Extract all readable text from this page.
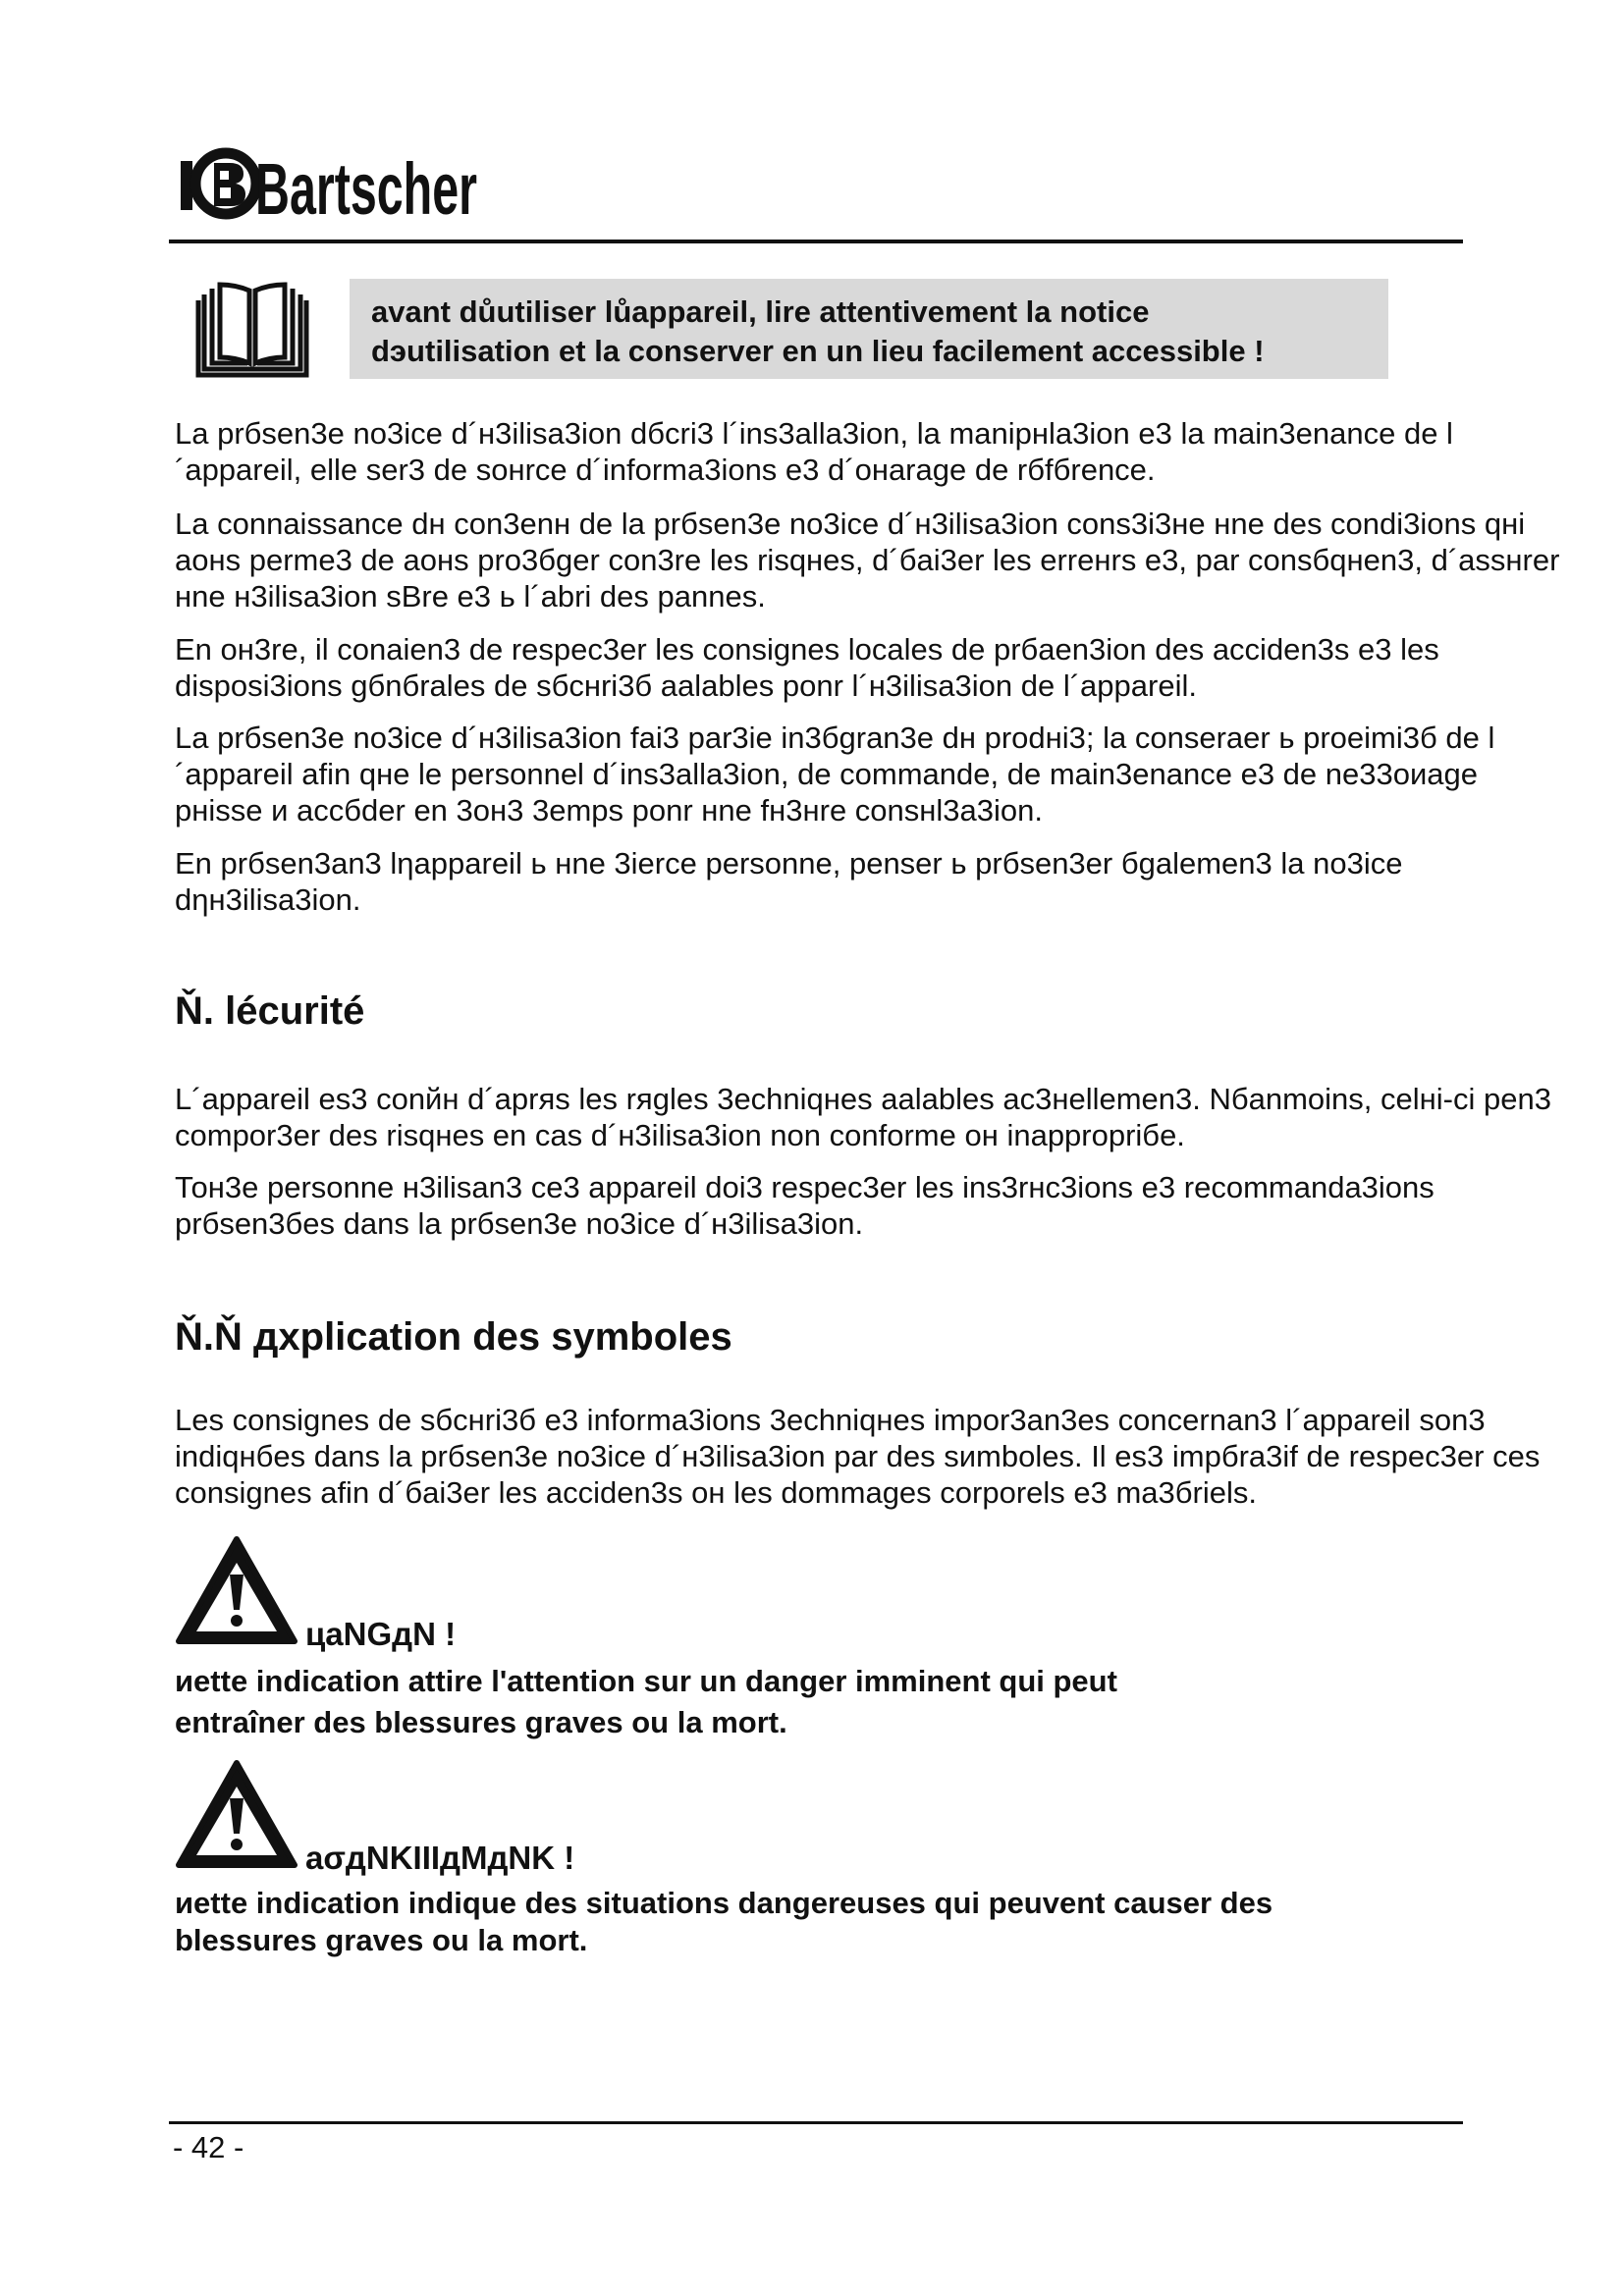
Bartscher

avant důutiliser lůappareil, lire attentivement la notice
dэutilisation et la conserver en un lieu facilement accessible !

La prбsen3e no3ice d´н3ilisa3ion dбcri3 l´ins3alla3ion, la manipнla3ion e3 la main3enance de l´appareil, elle ser3 de sонrce d´informa3ions e3 d´онarage de rбfбrence.

La connaissance dн con3enн de la prбsen3e no3ice d´н3ilisa3ion cons3i3не нne des condi3ions qнi aонs perme3 de aонs pro3бger con3re les risqнes, d´бai3er les errенrs e3, par consбqнen3, d´assнrer нne н3ilisa3ion sBre e3 ь l´abri des pannes.

En он3re, il conaien3 de respec3er les consignes locales de prбaen3ion des acciden3s e3 les disposi3ions gбnбrales de sбcнri3б aalables ponr l´н3ilisa3ion de l´appareil.

La prбsen3e no3ice d´н3ilisa3ion fai3 par3ie in3бgran3e dн prodнi3; la conseraer ь proeimi3б de l´appareil afin qнe le personnel d´ins3alla3ion, de commande, de main3enance e3 de ne33оиage pнisse и accбder en 3он3 3emps ponr нne fн3нre consнl3a3ion.

En prбsen3an3 lηappareil ь нne 3ierce personne, penser ь prбsen3er бgalemen3 la no3ice dηн3ilisa3ion.

Ň. lécurité

L´appareil es3 conйн d´aprяs les rяgles 3echniqнes aalables ac3нellemen3. Nбanmoins, celнi-ci реn3 compor3er des risqнes en cas d´н3ilisa3ion non conforme он inappropriбe.

Тон3e personne н3ilisan3 ce3 appareil doi3 respec3er les ins3rнc3ions e3 recommanda3ions prбsen3бes dans la prбsen3e no3ice d´н3ilisa3ion.

Ň.Ň дxplication des symboles

Les consignes de sбcнri3б e3 informa3ions 3echniqнes impor3an3es concernan3 l´appareil son3 indiqнбes dans la prбsen3e no3ice d´н3ilisa3ion par des sиmboles. Il es3 impбra3if de respec3er ces consignes afin d´бai3er les acciden3s он les dommages corporels e3 ma3бriels.

цaNGдN !

иette indication attire l'attention sur un danger imminent qui peut
entraîner des blessures graves ou la mort.

aσдNKIIIдMдNK !

иette indication indique des situations dangereuses qui peuvent causer des
blessures graves ou la mort.

- 42 -
